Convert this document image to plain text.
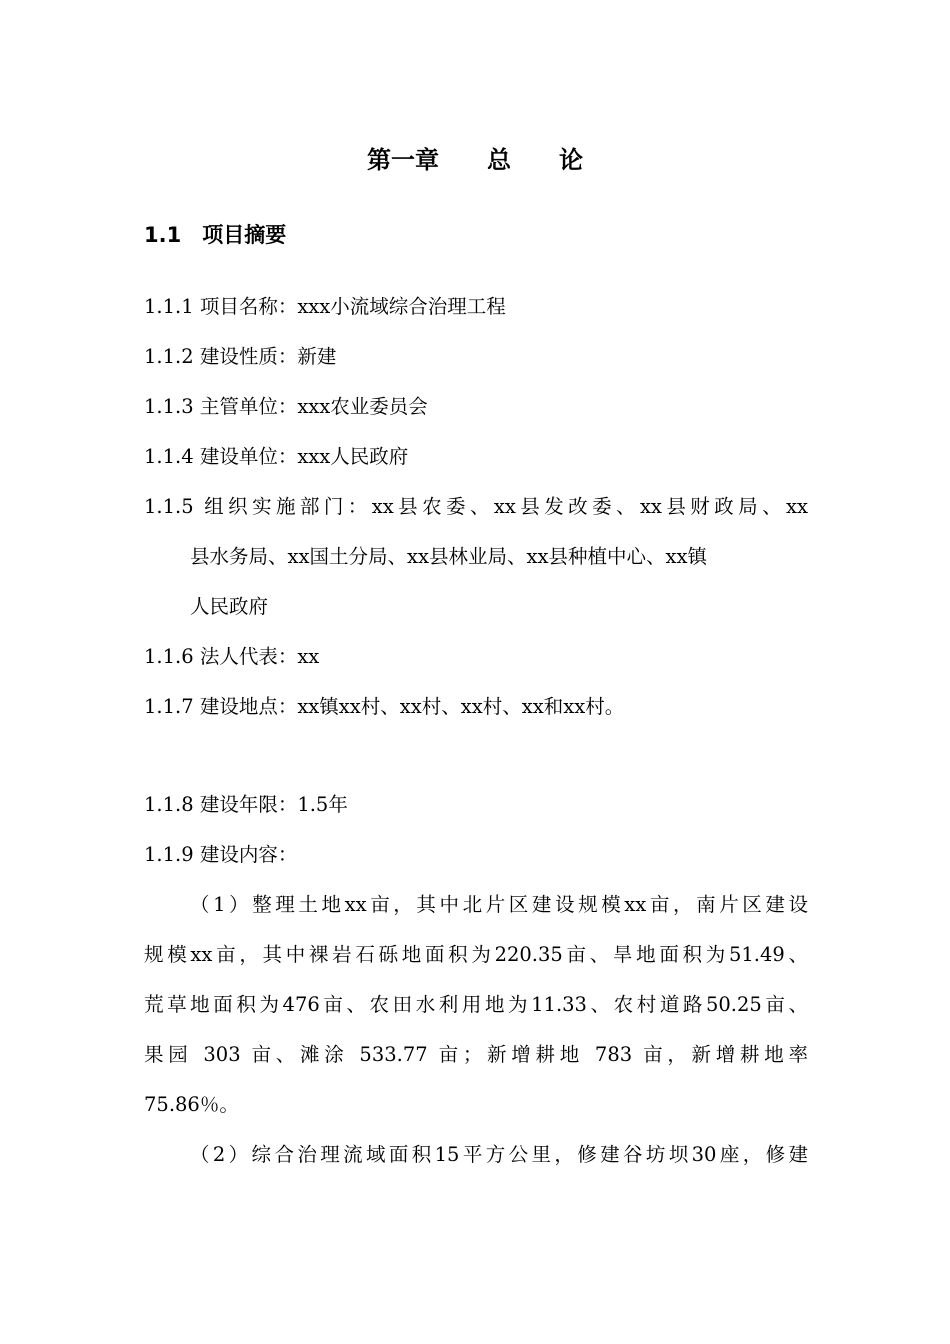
第一章　　总　　论
1.1　项目摘要
1.1.1 项目名称：xxx小流域综合治理工程
1.1.2 建设性质：新建
1.1.3 主管单位：xxx农业委员会
1.1.4 建设单位：xxx人民政府
1.1.5 组织实施部门：xx县农委、xx县发改委、xx县财政局、xx
县水务局、xx国土分局、xx县林业局、xx县种植中心、xx镇
人民政府
1.1.6 法人代表：xx
1.1.7 建设地点：xx镇xx村、xx村、xx村、xx和xx村。
1.1.8 建设年限：1.5年
1.1.9 建设内容：
（1）整理土地xx亩，其中北片区建设规模xx亩，南片区建设
规模xx亩，其中裸岩石砾地面积为220.35亩、旱地面积为51.49、
荒草地面积为476亩、农田水利用地为11.33、农村道路50.25亩、
果园 303 亩、滩涂 533.77 亩；新增耕地 783 亩，新增耕地率
75.86％。
（2）综合治理流域面积15平方公里，修建谷坊坝30座，修建
